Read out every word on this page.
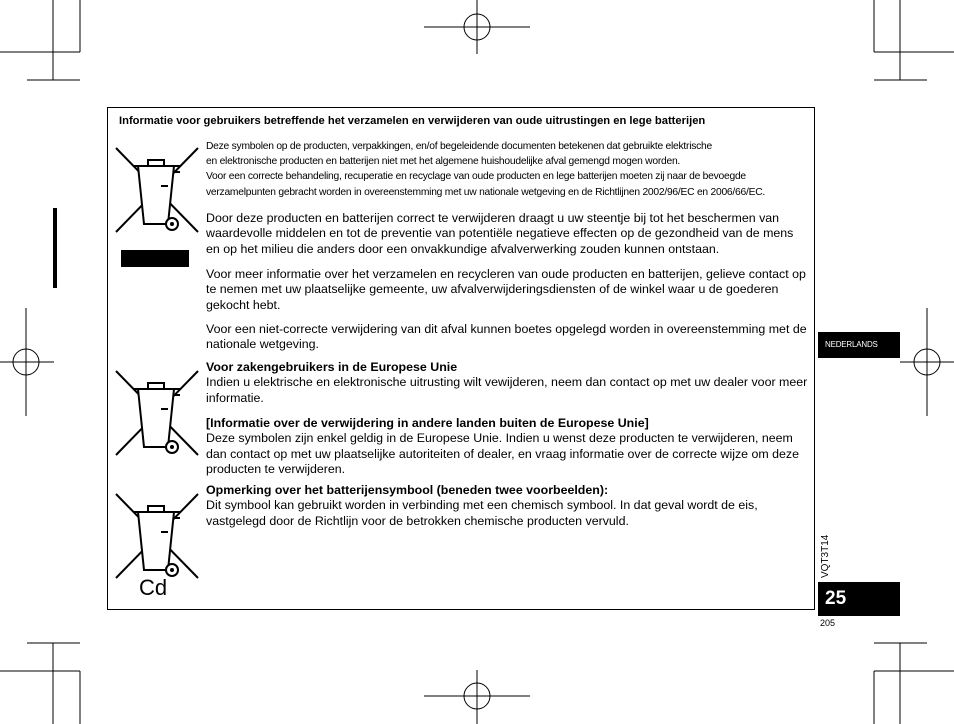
Informatie voor gebruikers betreffende het verzamelen en verwijderen van oude uitrustingen en lege batterijen
Cd

Deze symbolen op de producten, verpakkingen, en/of begeleidende documenten betekenen dat gebruikte elektrische

en elektronische producten en batterijen niet met het algemene huishoudelijke afval gemengd mogen worden.

Voor een correcte behandeling, recuperatie en recyclage van oude producten en lege batterijen moeten zij naar de bevoegde

verzamelpunten gebracht worden in overeenstemming met uw nationale wetgeving en de Richtlijnen 2002/96/EC en 2006/66/EC.

Door deze producten en batterijen correct te verwijderen draagt u uw steentje bij tot het beschermen van waardevolle middelen en tot de preventie van potentiële negatieve effecten op de gezondheid van de mens en op het milieu die anders door een onvakkundige afvalverwerking zouden kunnen ontstaan.

Voor meer informatie over het verzamelen en recycleren van oude producten en batterijen, gelieve contact op te nemen met uw plaatselijke gemeente, uw afvalverwijderingsdiensten of de winkel waar u de goederen gekocht hebt.

Voor een niet-correcte verwijdering van dit afval kunnen boetes opgelegd worden in overeenstemming met de nationale wetgeving.

Voor zakengebruikers in de Europese Unie
Indien u elektrische en elektronische uitrusting wilt vewijderen, neem dan contact op met uw dealer voor meer informatie.
[Informatie over de verwijdering in andere landen buiten de Europese Unie]
Deze symbolen zijn enkel geldig in de Europese Unie. Indien u wenst deze producten te verwijderen, neem dan contact op met uw plaatselijke autoriteiten of dealer, en vraag informatie over de correcte wijze om deze producten te verwijderen.
Opmerking over het batterijensymbool (beneden twee voorbeelden):
Dit symbool kan gebruikt worden in verbinding met een chemisch symbool. In dat geval wordt de eis, vastgelegd door de Richtlijn voor de betrokken chemische producten vervuld.
NEDERLANDS
VQT3T14
25
205
